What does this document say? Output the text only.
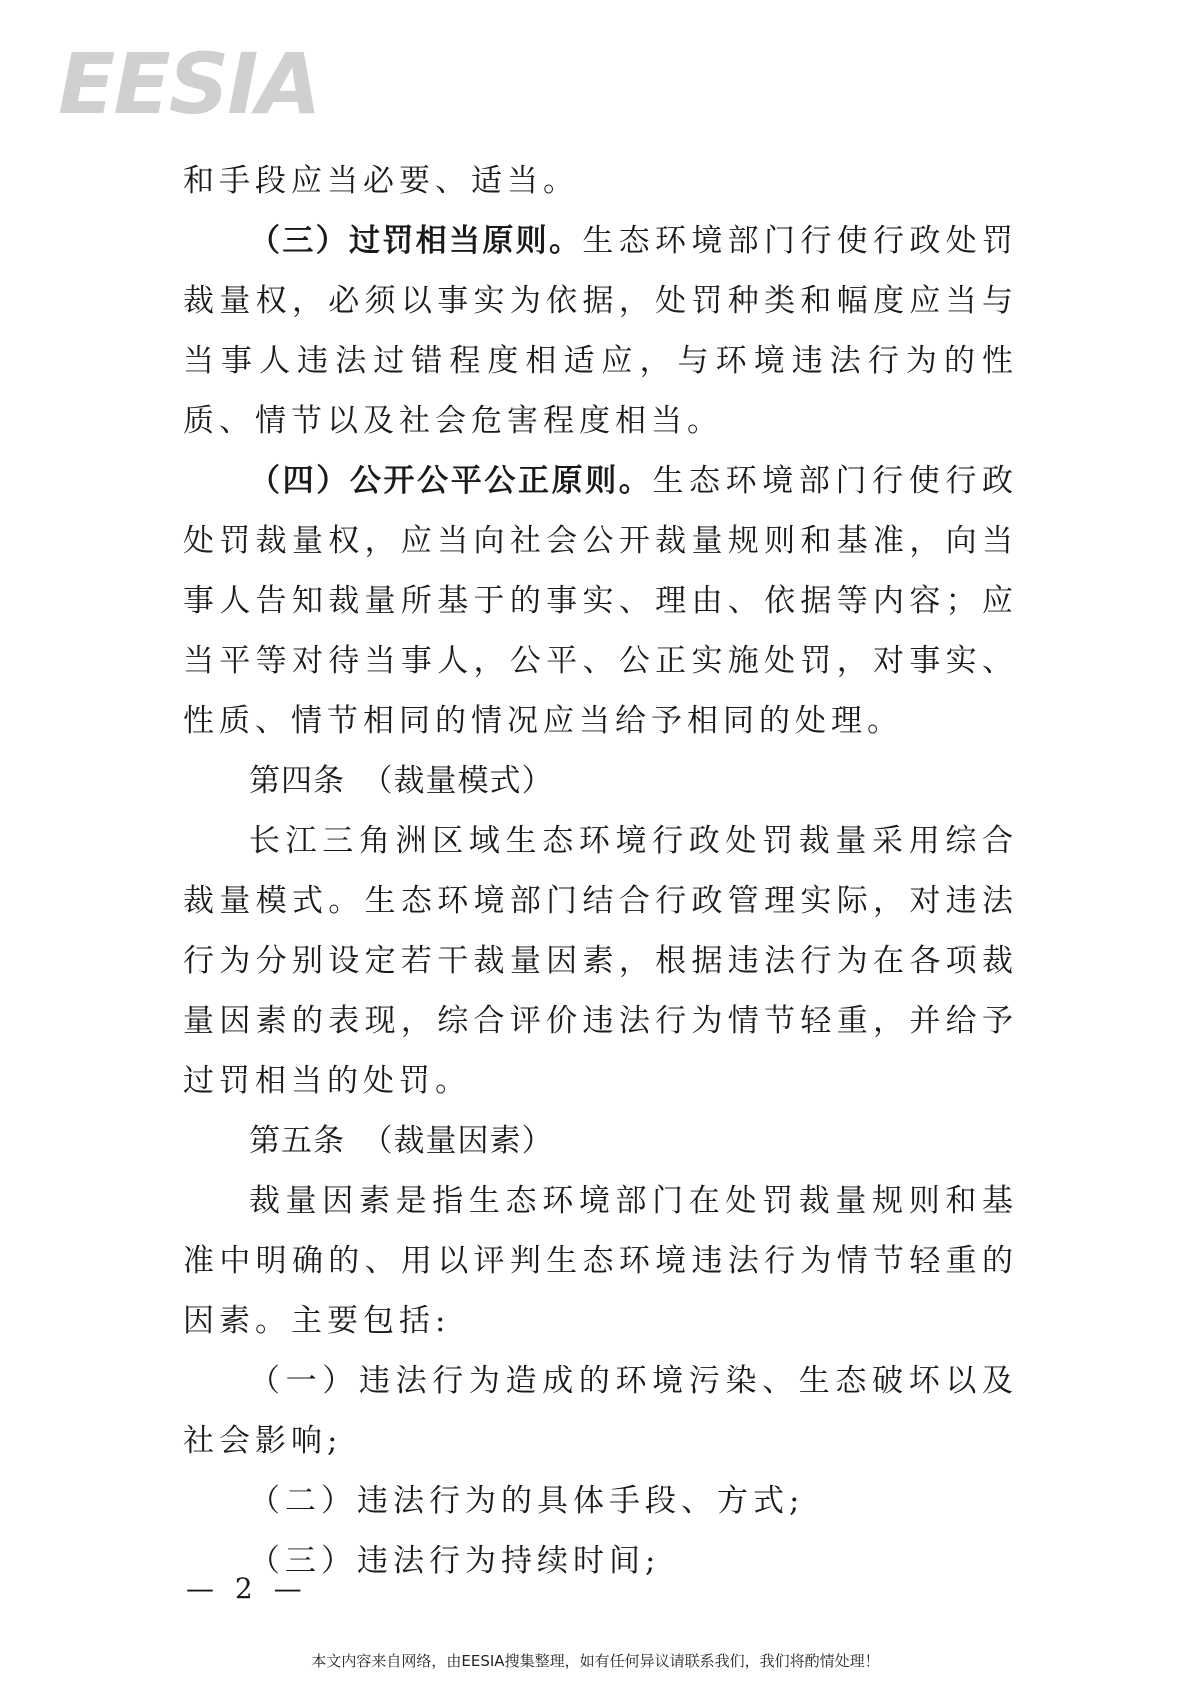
EESIA

和手段应当必要、适当。

（三）过罚相当原则。生态环境部门行使行政处罚裁量权，必须以事实为依据，处罚种类和幅度应当与当事人违法过错程度相适应，与环境违法行为的性质、情节以及社会危害程度相当。

（四）公开公平公正原则。生态环境部门行使行政处罚裁量权，应当向社会公开裁量规则和基准，向当事人告知裁量所基于的事实、理由、依据等内容；应当平等对待当事人，公平、公正实施处罚，对事实、性质、情节相同的情况应当给予相同的处理。

第四条　（裁量模式）

长江三角洲区域生态环境行政处罚裁量采用综合裁量模式。生态环境部门结合行政管理实际，对违法行为分别设定若干裁量因素，根据违法行为在各项裁量因素的表现，综合评价违法行为情节轻重，并给予过罚相当的处罚。

第五条　（裁量因素）

裁量因素是指生态环境部门在处罚裁量规则和基准中明确的、用以评判生态环境违法行为情节轻重的因素。主要包括:

（一）违法行为造成的环境污染、生态破坏以及社会影响;

（二）违法行为的具体手段、方式;

（三）违法行为持续时间;

— 2 —
本文内容来自网络，由EESIA搜集整理，如有任何异议请联系我们，我们将酌情处理！
